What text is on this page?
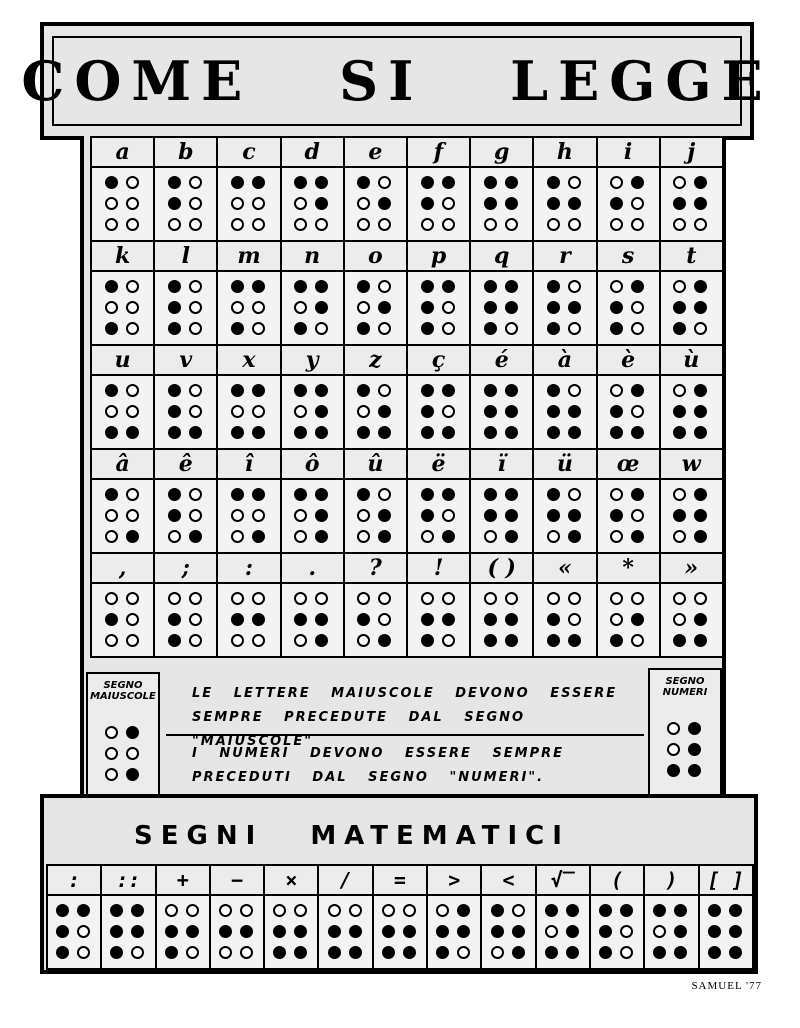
COME SI LEGGE
a	b	c	d	e	f	g	h	i	j
k	l	m	n	o	p	q	r	s	t
u	v	x	y	z	ç	é	à	è	ù
â	ê	î	ô	û	ë	ï	ü	œ	w
,	;	:	.	?	!	( )	«	*	»
SEGNO MAIUSCOLE	LE LETTERE MAIUSCOLE DEVONO ESSERE SEMPRE PRECEDUTE DAL SEGNO "MAIUSCOLE"
I NUMERI DEVONO ESSERE SEMPRE PRECEDUTI DAL SEGNO "NUMERI".
SEGNO NUMERI
SEGNI MATEMATICI
:	::	+	−	×	/	=	>	<	√‾	(	)	[ ]
SAMUEL '77
